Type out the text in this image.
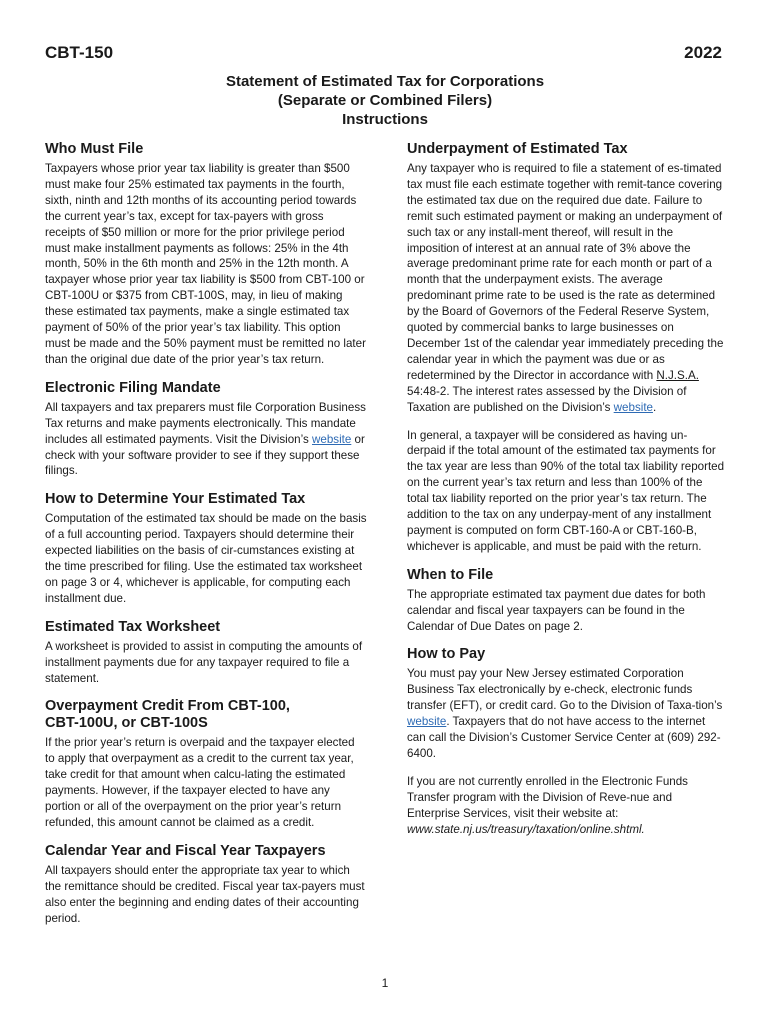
CBT-150	2022
Statement of Estimated Tax for Corporations
(Separate or Combined Filers)
Instructions
Who Must File

Taxpayers whose prior year tax liability is greater than $500 must make four 25% estimated tax payments in the fourth, sixth, ninth and 12th months of its accounting period towards the current year’s tax, except for tax-payers with gross receipts of $50 million or more for the prior privilege period must make installment payments as follows: 25% in the 4th month, 50% in the 6th month and 25% in the 12th month. A taxpayer whose prior year tax liability is $500 from CBT-100 or CBT-100U or $375 from CBT-100S, may, in lieu of making these estimated tax payments, make a single estimated tax payment of 50% of the prior year’s tax liability. This option must be made and the 50% payment must be remitted no later than the original due date of the prior year’s tax return.

Electronic Filing Mandate

All taxpayers and tax preparers must file Corporation Business Tax returns and make payments electronically. This mandate includes all estimated payments. Visit the Division’s website or check with your software provider to see if they support these filings.

How to Determine Your Estimated Tax

Computation of the estimated tax should be made on the basis of a full accounting period. Taxpayers should determine their expected liabilities on the basis of cir-cumstances existing at the time prescribed for filing. Use the estimated tax worksheet on page 3 or 4, whichever is applicable, for computing each installment due.

Estimated Tax Worksheet

A worksheet is provided to assist in computing the amounts of installment payments due for any taxpayer required to file a statement.

Overpayment Credit From CBT-100,
CBT-100U, or CBT-100S

If the prior year’s return is overpaid and the taxpayer elected to apply that overpayment as a credit to the current tax year, take credit for that amount when calcu-lating the estimated payments. However, if the taxpayer elected to have any portion or all of the overpayment on the prior year’s return refunded, this amount cannot be claimed as a credit.

Calendar Year and Fiscal Year Taxpayers

All taxpayers should enter the appropriate tax year to which the remittance should be credited. Fiscal year tax-payers must also enter the beginning and ending dates of their accounting period.

Underpayment of Estimated Tax

Any taxpayer who is required to file a statement of es-timated tax must file each estimate together with remit-tance covering the estimated tax due on the required due date. Failure to remit such estimated payment or making an underpayment of such tax or any install-ment thereof, will result in the imposition of interest at an annual rate of 3% above the average predominant prime rate for each month or part of a month that the underpayment exists. The average predominant prime rate to be used is the rate as determined by the Board of Governors of the Federal Reserve System, quoted by commercial banks to large businesses on December 1st of the calendar year immediately preceding the calendar year in which the payment was due or as redetermined by the Director in accordance with N.J.S.A. 54:48-2. The interest rates assessed by the Division of Taxation are published on the Division’s website.

In general, a taxpayer will be considered as having un-derpaid if the total amount of the estimated tax payments for the tax year are less than 90% of the total tax liability reported on the current year’s tax return and less than 100% of the total tax liability reported on the prior year’s tax return. The addition to the tax on any underpay-ment of any installment payment is computed on form CBT-160-A or CBT-160-B, whichever is applicable, and must be paid with the return.

When to File

The appropriate estimated tax payment due dates for both calendar and fiscal year taxpayers can be found in the Calendar of Due Dates on page 2.

How to Pay

You must pay your New Jersey estimated Corporation Business Tax electronically by e-check, electronic funds transfer (EFT), or credit card. Go to the Division of Taxa-tion’s website. Taxpayers that do not have access to the internet can call the Division’s Customer Service Center at (609) 292-6400.

If you are not currently enrolled in the Electronic Funds Transfer program with the Division of Reve-nue and Enterprise Services, visit their website at: www.state.nj.us/treasury/taxation/online.shtml.

1
